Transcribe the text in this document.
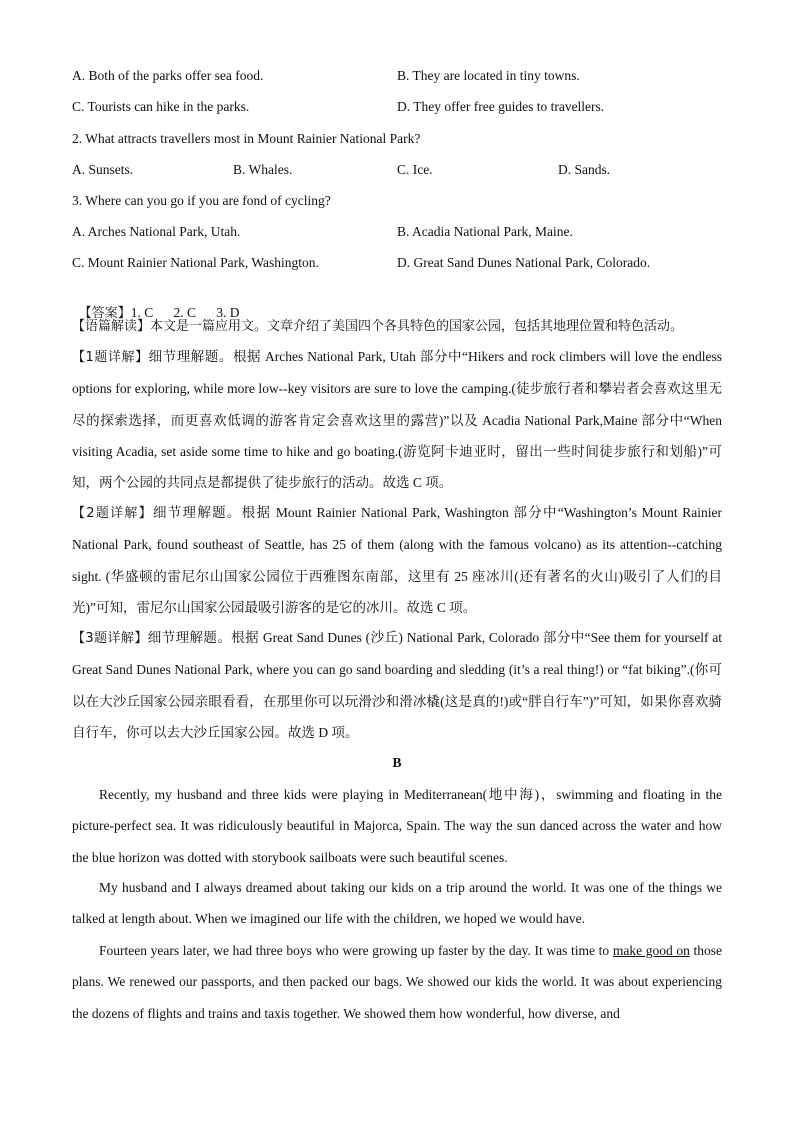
A. Both of the parks offer sea food.	B. They are located in tiny towns.
C. Tourists can hike in the parks.	D. They offer free guides to travellers.
2. What attracts travellers most in Mount Rainier National Park?
A. Sunsets.	B. Whales.	C. Ice.	D. Sands.
3. Where can you go if you are fond of cycling?
A. Arches National Park, Utah.	B. Acadia National Park, Maine.
C. Mount Rainier National Park, Washington.	D. Great Sand Dunes National Park, Colorado.

【答案】1. C      2. C      3. D

【语篇解读】本文是一篇应用文。文章介绍了美国四个各具特色的国家公园，包括其地理位置和特色活动。
【1题详解】细节理解题。根据 Arches National Park, Utah 部分中“Hikers and rock climbers will love the endless options for exploring, while more low--key visitors are sure to love the camping.(徒步旅行者和攀岩者会喜欢这里无尽的探索选择，而更喜欢低调的游客肯定会喜欢这里的露营)”以及 Acadia National Park,Maine 部分中“When visiting Acadia, set aside some time to hike and go boating.(游览阿卡迪亚时，留出一些时间徒步旅行和划船)”可知，两个公园的共同点是都提供了徒步旅行的活动。故选 C 项。
【2题详解】细节理解题。根据 Mount Rainier National Park, Washington 部分中“Washington’s Mount Rainier National Park, found southeast of Seattle, has 25 of them (along with the famous volcano) as its attention--catching sight. (华盛顿的雷尼尔山国家公园位于西雅图东南部，这里有 25 座冰川(还有著名的火山)吸引了人们的目光)”可知，雷尼尔山国家公园最吸引游客的是它的冰川。故选 C 项。
【3题详解】细节理解题。根据 Great Sand Dunes (沙丘) National Park, Colorado 部分中“See them for yourself at Great Sand Dunes National Park, where you can go sand boarding and sledding (it’s a real thing!) or “fat biking”.(你可以在大沙丘国家公园亲眼看看，在那里你可以玩滑沙和滑冰橇(这是真的!)或“胖自行车”)”可知，如果你喜欢骑自行车，你可以去大沙丘国家公园。故选 D 项。
B
Recently, my husband and three kids were playing in Mediterranean(地中海)，swimming and floating in the picture-perfect sea. It was ridiculously beautiful in Majorca, Spain. The way the sun danced across the water and how the blue horizon was dotted with storybook sailboats were such beautiful scenes.
My husband and I always dreamed about taking our kids on a trip around the world. It was one of the things we talked at length about. When we imagined our life with the children, we hoped we would have.
Fourteen years later, we had three boys who were growing up faster by the day. It was time to make good on those plans. We renewed our passports, and then packed our bags. We showed our kids the world. It was about experiencing the dozens of flights and trains and taxis together. We showed them how wonderful, how diverse, and
